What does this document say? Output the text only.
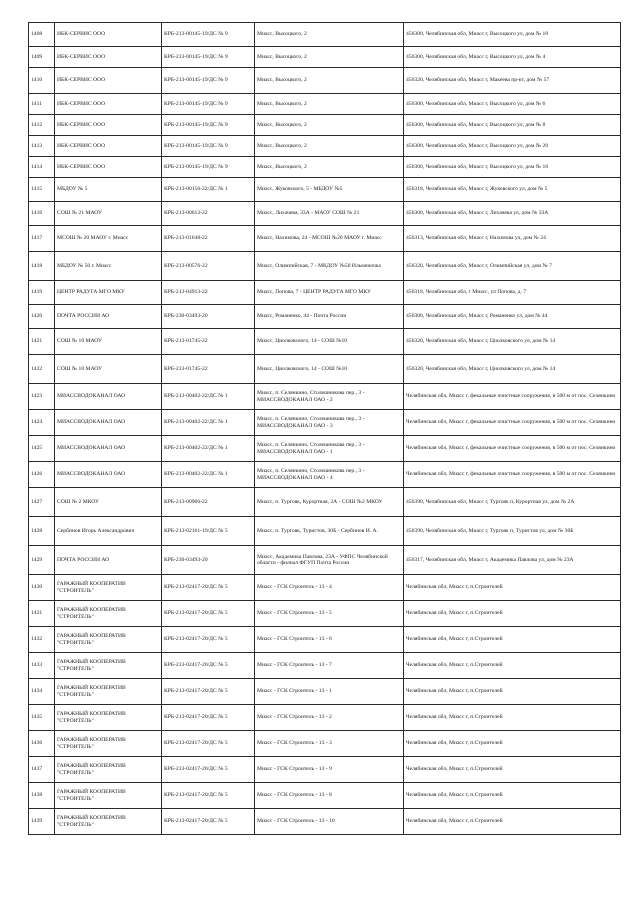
1408	ИБК-СЕРВИС ООО	КРБ-213-00145-19/ДС № 9	Миасс, Высоцкого, 2	456300, Челябинская обл, Миасс г, Высоцкого ул, дом № 10
1409	ИБК-СЕРВИС ООО	КРБ-213-00145-19/ДС № 9	Миасс, Высоцкого, 2	456300, Челябинская обл, Миасс г, Высоцкого ул, дом № 4
1410	ИБК-СЕРВИС ООО	КРБ-213-00145-19/ДС № 9	Миасс, Высоцкого, 2	456320, Челябинская обл, Миасс г, Макеева пр-кт, дом № 57
1411	ИБК-СЕРВИС ООО	КРБ-213-00145-19/ДС № 9	Миасс, Высоцкого, 2	456300, Челябинская обл, Миасс г, Высоцкого ул, дом № 6
1412	ИБК-СЕРВИС ООО	КРБ-213-00145-19/ДС № 9	Миасс, Высоцкого, 2	456300, Челябинская обл, Миасс г, Высоцкого ул, дом № 8
1413	ИБК-СЕРВИС ООО	КРБ-213-00145-19/ДС № 9	Миасс, Высоцкого, 2	456300, Челябинская обл, Миасс г, Высоцкого ул, дом № 20
1414	ИБК-СЕРВИС ООО	КРБ-213-00145-19/ДС № 9	Миасс, Высоцкого, 2	456300, Челябинская обл, Миасс г, Высоцкого ул, дом № 16
1415	МБДОУ № 5	КРБ-213-00156-22/ДС № 1	Миасс, Жуковского, 5 - МБДОУ №5	456318, Челябинская обл, Миасс г, Жуковского ул, дом № 5
1416	СОШ № 21 МАОУ	КРБ-213-00612-22	Миасс, Лихачева, 33А - МАОУ СОШ № 21	456300, Челябинская обл, Миасс г, Лихачева ул, дом № 33А
1417	МСОШ № 20 МАОУ г. Миасс	КРБ-213-01648-22	Миасс, Нахимова, 24 - МСОШ №20 МАОУ г. Миасс	456313, Челябинская обл, Миасс г, Нахимова ул, дом № 24
1418	МБДОУ № 50 г. Миасс	КРБ-213-00576-22	Миасс, Олимпийская, 7 - МКДОУ №50 Ильменочка	456320, Челябинская обл, Миасс г, Олимпийская ул, дом № 7
1419	ЦЕНТР РАДУГА МГО МКУ	КРБ-213-04913-22	Миасс, Попова, 7 - ЦЕНТР РАДУГА МГО МКУ	456318, Челябинская обл, г Миасс, ул Попова, д. 7
1420	ПОЧТА РОССИИ АО	КРБ-230-03493-20	Миасс, Романенко, 44 - Почта России	456300, Челябинская обл, Миасс г, Романенко ул, дом № 44
1421	СОШ № 10 МАОУ	КРБ-213-01745-22	Миасс, Циолковского, 14 - СОШ №10	456320, Челябинская обл, Миасс г, Циолковского ул, дом № 14
1422	СОШ № 10 МАОУ	КРБ-213-01745-22	Миасс, Циолковского, 14 - СОШ №10	456320, Челябинская обл, Миасс г, Циолковского ул, дом № 14
1423	МИАССВОДОКАНАЛ ОАО	КРБ-213-00402-22/ДС № 1	Миасс, п. Селянкино, Столешникова пер., 3 - МИАССВОДОКАНАЛ ОАО - 2	Челябинская обл, Миасс г, фекальные очистные сооружения, в 500 м от пос. Селянкино
1424	МИАССВОДОКАНАЛ ОАО	КРБ-213-00402-22/ДС № 1	Миасс, п. Селянкино, Столешникова пер., 3 - МИАССВОДОКАНАЛ ОАО - 3	Челябинская обл, Миасс г, фекальные очистные сооружения, в 500 м от пос. Селянкино
1425	МИАССВОДОКАНАЛ ОАО	КРБ-213-00402-22/ДС № 1	Миасс, п. Селянкино, Столешникова пер., 3 - МИАССВОДОКАНАЛ ОАО - 1	Челябинская обл, Миасс г, фекальные очистные сооружения, в 500 м от пос. Селянкино
1426	МИАССВОДОКАНАЛ ОАО	КРБ-213-00402-22/ДС № 1	Миасс, п. Селянкино, Столешникова пер., 3 - МИАССВОДОКАНАЛ ОАО - 4	Челябинская обл, Миасс г, фекальные очистные сооружения, в 500 м от пос. Селянкино
1427	СОШ № 2 МКОУ	КРБ-213-00906-22	Миасс, п. Тургояк, Курортная, 2А - СОШ №2 МКОУ	456390, Челябинская обл, Миасс г, Тургояк п, Курортная ул, дом № 2А
1428	Сербинов Игорь Александрович	КРБ-213-02161-19/ДС № 5	Миасс, п. Тургояк, Туристов, 30Б - Сербинов И. А.	456390, Челябинская обл, Миасс г, Тургояк п, Туристов ул, дом № 30Б
1429	ПОЧТА РОССИИ АО	КРБ-230-03493-20	Миасс, Академика Павлова, 23А - УФПС Челябинской области - филиал ФГУП Почта России	456317, Челябинская обл, Миасс г, Академика Павлова ул, дом № 23А
1430	ГАРАЖНЫЙ КООПЕРАТИВ "СТРОИТЕЛЬ"	КРБ-213-02417-20/ДС № 5	Миасс - ГСК Строитель - 13 - 4	Челябинская обл, Миасс г, п.Строителей
1431	ГАРАЖНЫЙ КООПЕРАТИВ "СТРОИТЕЛЬ"	КРБ-213-02417-20/ДС № 5	Миасс - ГСК Строитель - 13 - 5	Челябинская обл, Миасс г, п.Строителей
1432	ГАРАЖНЫЙ КООПЕРАТИВ "СТРОИТЕЛЬ"	КРБ-213-02417-20/ДС № 5	Миасс - ГСК Строитель - 13 - 6	Челябинская обл, Миасс г, п.Строителей
1433	ГАРАЖНЫЙ КООПЕРАТИВ "СТРОИТЕЛЬ"	КРБ-213-02417-20/ДС № 5	Миасс - ГСК Строитель - 13 - 7	Челябинская обл, Миасс г, п.Строителей
1434	ГАРАЖНЫЙ КООПЕРАТИВ "СТРОИТЕЛЬ"	КРБ-213-02417-20/ДС № 5	Миасс - ГСК Строитель - 13 - 1	Челябинская обл, Миасс г, п.Строителей
1435	ГАРАЖНЫЙ КООПЕРАТИВ "СТРОИТЕЛЬ"	КРБ-213-02417-20/ДС № 5	Миасс - ГСК Строитель - 13 - 2	Челябинская обл, Миасс г, п.Строителей
1436	ГАРАЖНЫЙ КООПЕРАТИВ "СТРОИТЕЛЬ"	КРБ-213-02417-20/ДС № 5	Миасс - ГСК Строитель - 13 - 3	Челябинская обл, Миасс г, п.Строителей
1437	ГАРАЖНЫЙ КООПЕРАТИВ "СТРОИТЕЛЬ"	КРБ-213-02417-20/ДС № 5	Миасс - ГСК Строитель - 13 - 9	Челябинская обл, Миасс г, п.Строителей
1438	ГАРАЖНЫЙ КООПЕРАТИВ "СТРОИТЕЛЬ"	КРБ-213-02417-20/ДС № 5	Миасс - ГСК Строитель - 13 - 8	Челябинская обл, Миасс г, п.Строителей
1439	ГАРАЖНЫЙ КООПЕРАТИВ "СТРОИТЕЛЬ"	КРБ-213-02417-20/ДС № 5	Миасс - ГСК Строитель - 13 - 10	Челябинская обл, Миасс г, п.Строителей
